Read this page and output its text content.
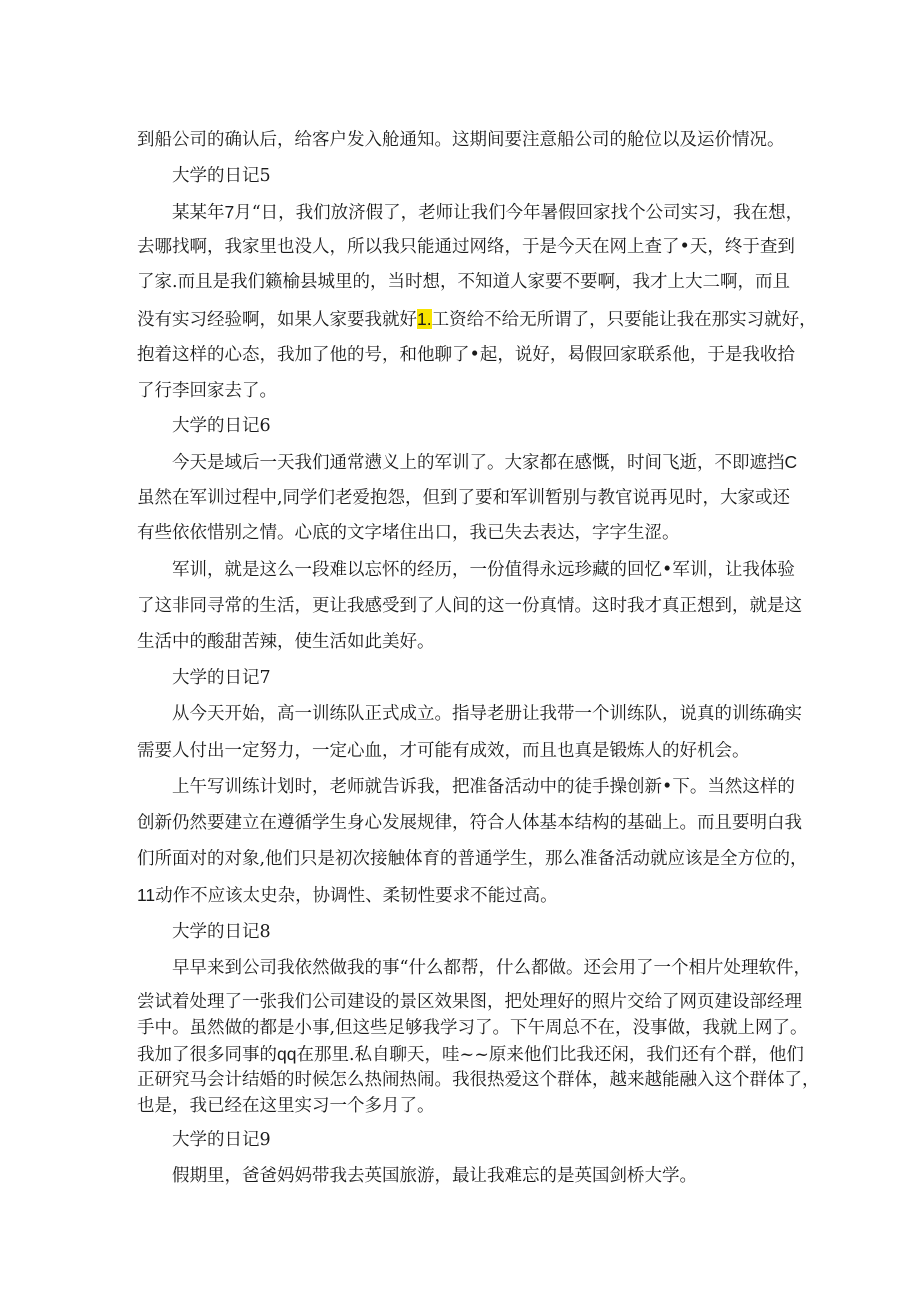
到船公司的确认后，给客户发入舱通知。这期间要注意船公司的舱位以及运价情况。
大学的日记5
某某年7月“日，我们放济假了，老师让我们今年暑假回家找个公司实习，我在想，
去哪找啊，我家里也没人，所以我只能通过网络，于是今天在网上查了•天，终于查到
了家.而且是我们籁榆县城里的，当时想，不知道人家要不要啊，我才上大二啊，而且
没有实习经验啊，如果人家要我就好1.工资给不给无所谓了，只要能让我在那实习就好，
抱着这样的心态，我加了他的号，和他聊了•起，说好，曷假回家联系他，于是我收拾
了行李回家去了。
大学的日记6
今天是域后一天我们通常懑义上的军训了。大家都在感慨，时间飞逝，不即遮挡C
虽然在军训过程中,同学们老爱抱怨，但到了要和军训暂别与教官说再见时，大家或还
有些依依惜别之情。心底的文字堵住出口，我已失去表达，字字生涩。
军训，就是这么一段难以忘怀的经历，一份值得永远珍藏的回忆•军训，让我体验
了这非同寻常的生活，更让我感受到了人间的这一份真情。这时我才真正想到，就是这
生活中的酸甜苦辣，使生活如此美好。
大学的日记7
从今天开始，高一训练队正式成立。指导老册让我带一个训练队，说真的训练确实
需要人付出一定努力，一定心血，才可能有成效，而且也真是锻炼人的好机会。
上午写训练计划时，老师就告诉我，把准备活动中的徒手操创新•下。当然这样的
创新仍然要建立在遵循学生身心发展规律，符合人体基本结构的基础上。而且要明白我
们所面对的对象,他们只是初次接触体育的普通学生，那么准备活动就应该是全方位的，
11动作不应该太史杂，协调性、柔韧性要求不能过高。
大学的日记8
早早来到公司我依然做我的事“什么都帮，什么都做。还会用了一个相片处理软件，
尝试着处理了一张我们公司建设的景区效果图，把处理好的照片交给了网页建设部经理
手中。虽然做的都是小事,但这些足够我学习了。下午周总不在，没事做，我就上网了。
我加了很多同事的qq在那里.私自聊天，哇~~原来他们比我还闲，我们还有个群，他们
正研究马会计结婚的时候怎么热闹热闹。我很热爱这个群体，越来越能融入这个群体了，
也是，我已经在这里实习一个多月了。
大学的日记9
假期里，爸爸妈妈带我去英国旅游，最让我难忘的是英国剑桥大学。
